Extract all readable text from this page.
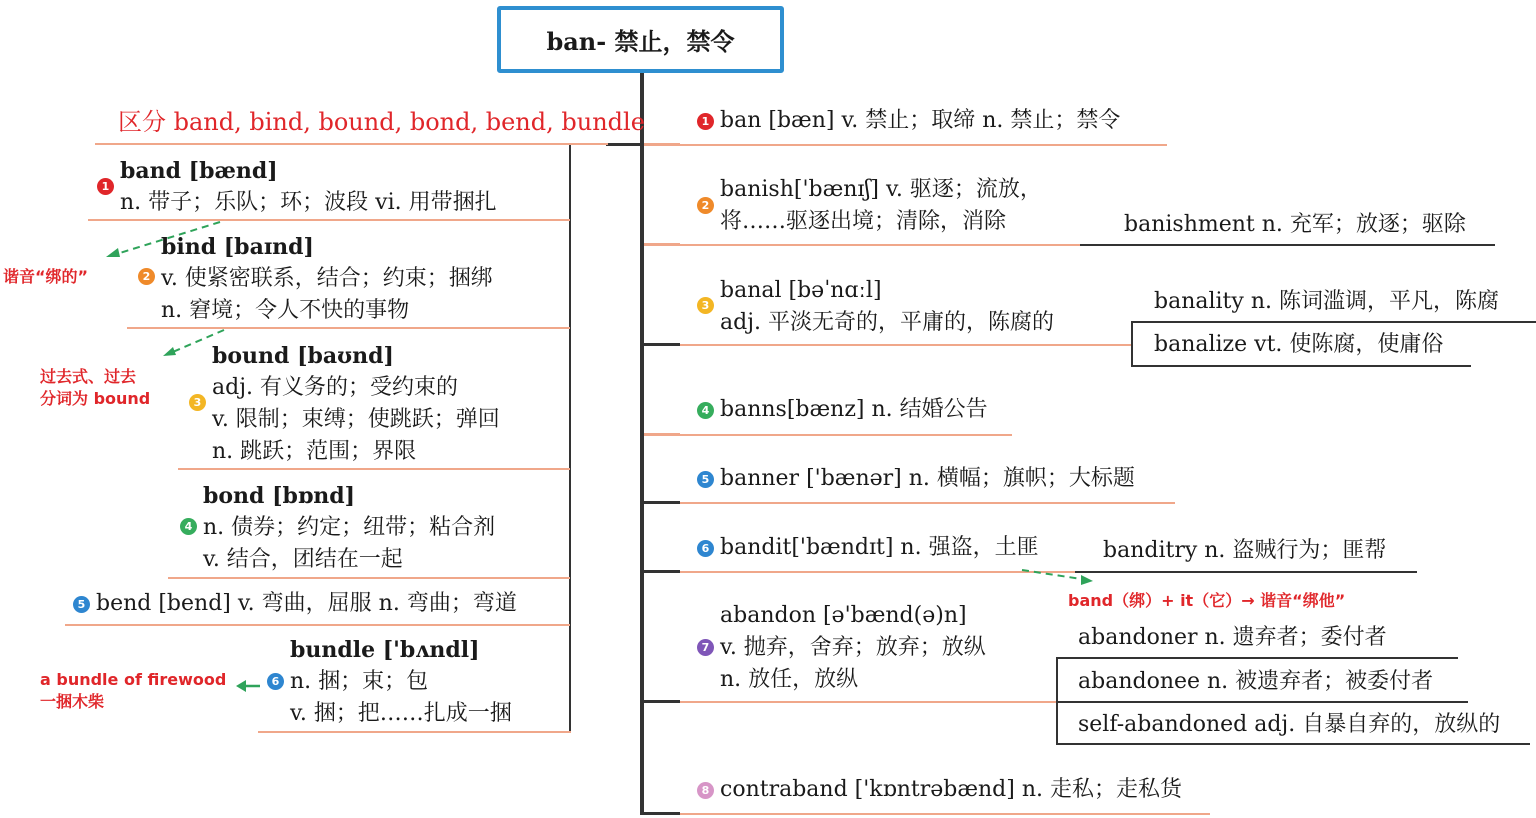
ban- 禁止，禁令
区分 band, bind, bound, bond, bend, bundle
1
band [bænd]
n. 带子；乐队；环；波段 vi. 用带捆扎
谐音“绑的”	2
bind [baɪnd]
v. 使紧密联系，结合；约束；捆绑
n. 窘境；令人不快的事物
过去式、过去
分词为 bound	3
bound [baʊnd]
adj. 有义务的；受约束的
v. 限制；束缚；使跳跃；弹回
n. 跳跃；范围；界限
4
bond [bɒnd]
n. 债券；约定；纽带；粘合剂
v. 结合，团结在一起
5 bend [bend] v. 弯曲，屈服 n. 弯曲；弯道
a bundle of firewood
一捆木柴
6
bundle ['bʌndl]
n. 捆；束；包
v. 捆；把……扎成一捆
1 ban [bæn] v. 禁止；取缔 n. 禁止；禁令
2
banish['bænɪʃ] v. 驱逐；流放，
将……驱逐出境；清除，消除	banishment n. 充军；放逐；驱除
3
banal [bəˈnɑːl]
adj. 平淡无奇的，平庸的，陈腐的
banality n. 陈词滥调，平凡，陈腐
banalize vt. 使陈腐，使庸俗
4 banns[bænz] n. 结婚公告
5 banner ['bænər] n. 横幅；旗帜；大标题
6 bandit['bændɪt] n. 强盗，土匪	banditry n. 盗贼行为；匪帮
band（绑）+ it（它）→ 谐音“绑他”
7
abandon [ə'bænd(ə)n]
v. 抛弃，舍弃；放弃；放纵
n. 放任，放纵
abandoner n. 遗弃者；委付者
abandonee n. 被遗弃者；被委付者
self-abandoned adj. 自暴自弃的，放纵的
8 contraband ['kɒntrəbænd] n. 走私；走私货
